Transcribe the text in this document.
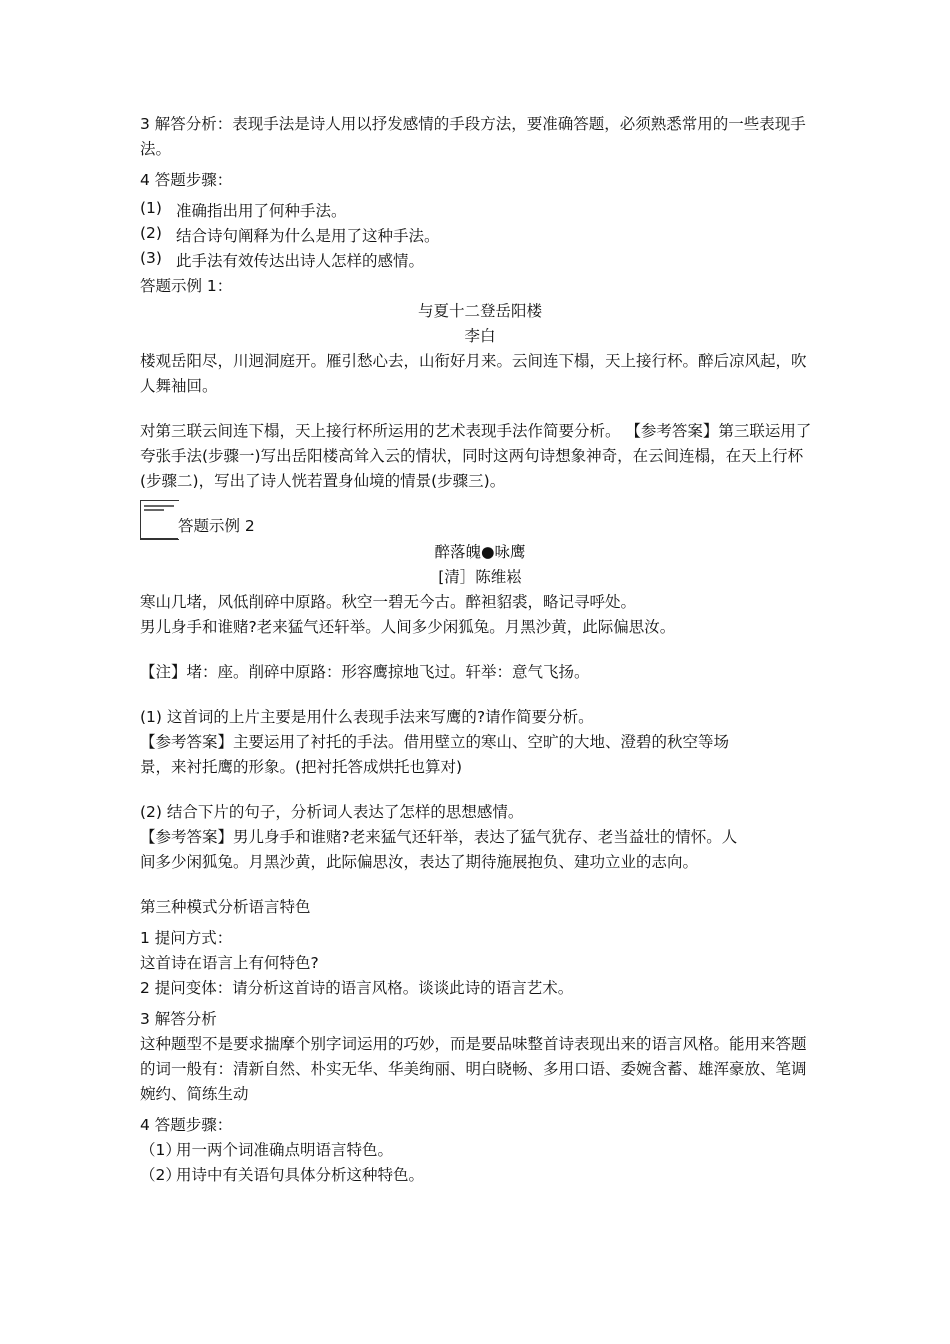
3 解答分析：表现手法是诗人用以抒发感情的手段方法，要准确答题，必须熟悉常用的一些表现手法。

4 答题步骤：

(1) 准确指出用了何种手法。

(2) 结合诗句阐释为什么是用了这种手法。

(3) 此手法有效传达出诗人怎样的感情。

答题示例 1：

与夏十二登岳阳楼

李白

楼观岳阳尽，川迥洞庭开。雁引愁心去，山衔好月来。云间连下榻，天上接行杯。醉后凉风起，吹人舞袖回。

对第三联云间连下榻，天上接行杯所运用的艺术表现手法作简要分析。 【参考答案】第三联运用了夸张手法(步骤一)写出岳阳楼高耸入云的情状，同时这两句诗想象神奇，在云间连榻，在天上行杯(步骤二)，写出了诗人恍若置身仙境的情景(步骤三)。

答题示例 2

醉落魄●咏鹰

[清］陈维崧

寒山几堵，风低削碎中原路。秋空一碧无今古。醉袒貂裘，略记寻呼处。

男儿身手和谁赌?老来猛气还轩举。人间多少闲狐兔。月黑沙黄，此际偏思汝。

【注】堵：座。削碎中原路：形容鹰掠地飞过。轩举：意气飞扬。

(1) 这首词的上片主要是用什么表现手法来写鹰的?请作简要分析。

【参考答案】主要运用了衬托的手法。借用壁立的寒山、空旷的大地、澄碧的秋空等场

景，来衬托鹰的形象。(把衬托答成烘托也算对)

(2) 结合下片的句子，分析词人表达了怎样的思想感情。

【参考答案】男儿身手和谁赌?老来猛气还轩举，表达了猛气犹存、老当益壮的情怀。人

间多少闲狐兔。月黑沙黄，此际偏思汝，表达了期待施展抱负、建功立业的志向。

第三种模式分析语言特色

1 提问方式：

这首诗在语言上有何特色?

2 提问变体：请分析这首诗的语言风格。谈谈此诗的语言艺术。

3 解答分析

这种题型不是要求揣摩个别字词运用的巧妙，而是要品味整首诗表现出来的语言风格。能用来答题的词一般有：清新自然、朴实无华、华美绚丽、明白晓畅、多用口语、委婉含蓄、雄浑豪放、笔调婉约、简练生动

4 答题步骤：

（1）

用一两个词准确点明语言特色。

（2）

用诗中有关语句具体分析这种特色。
